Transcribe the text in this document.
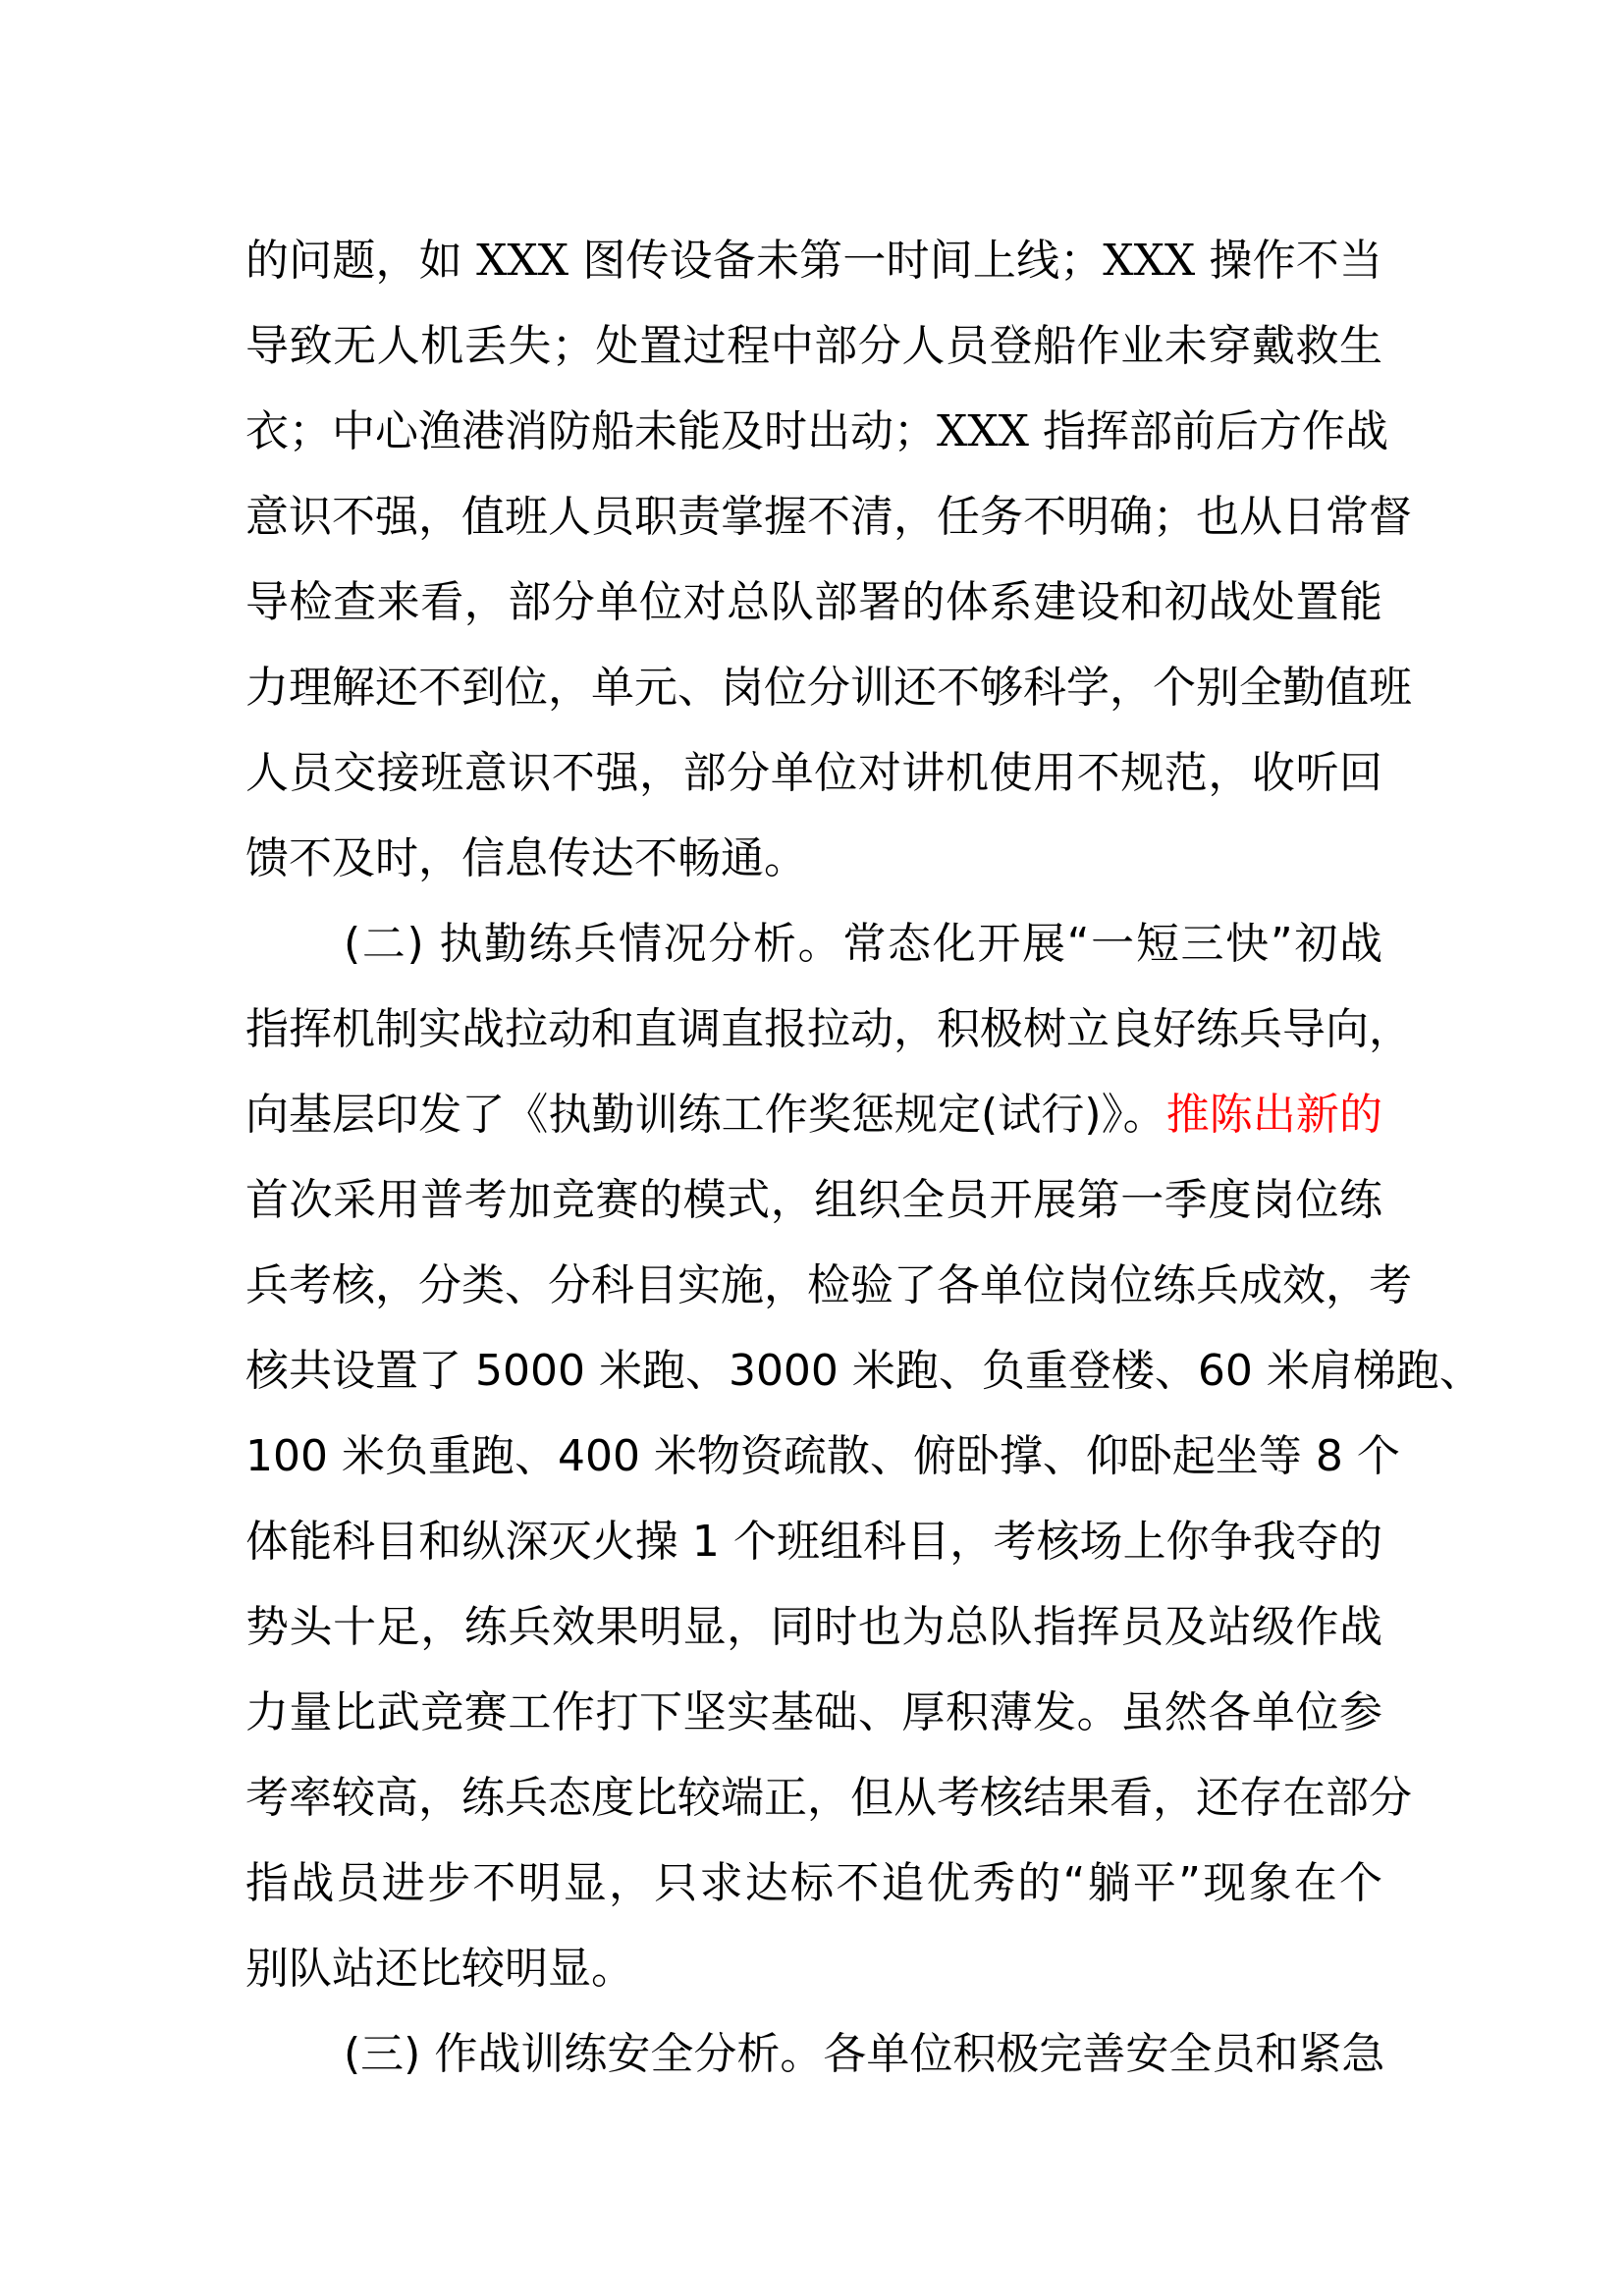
的问题，如 XXX 图传设备未第一时间上线；XXX 操作不当
导致无人机丢失；处置过程中部分人员登船作业未穿戴救生
衣；中心渔港消防船未能及时出动；XXX 指挥部前后方作战
意识不强，值班人员职责掌握不清，任务不明确；也从日常督
导检查来看，部分单位对总队部署的体系建设和初战处置能
力理解还不到位，单元、岗位分训还不够科学，个别全勤值班
人员交接班意识不强，部分单位对讲机使用不规范，收听回
馈不及时，信息传达不畅通。
(二) 执勤练兵情况分析。常态化开展“一短三快”初战
指挥机制实战拉动和直调直报拉动，积极树立良好练兵导向，
向基层印发了《执勤训练工作奖惩规定(试行)》。推陈出新的
首次采用普考加竞赛的模式，组织全员开展第一季度岗位练
兵考核，分类、分科目实施，检验了各单位岗位练兵成效，考
核共设置了 5000 米跑、3000 米跑、负重登楼、60 米肩梯跑、
100 米负重跑、400 米物资疏散、俯卧撑、仰卧起坐等 8 个
体能科目和纵深灭火操 1 个班组科目，考核场上你争我夺的
势头十足，练兵效果明显，同时也为总队指挥员及站级作战
力量比武竞赛工作打下坚实基础、厚积薄发。虽然各单位参
考率较高，练兵态度比较端正，但从考核结果看，还存在部分
指战员进步不明显，只求达标不追优秀的“躺平”现象在个
别队站还比较明显。
(三) 作战训练安全分析。各单位积极完善安全员和紧急
